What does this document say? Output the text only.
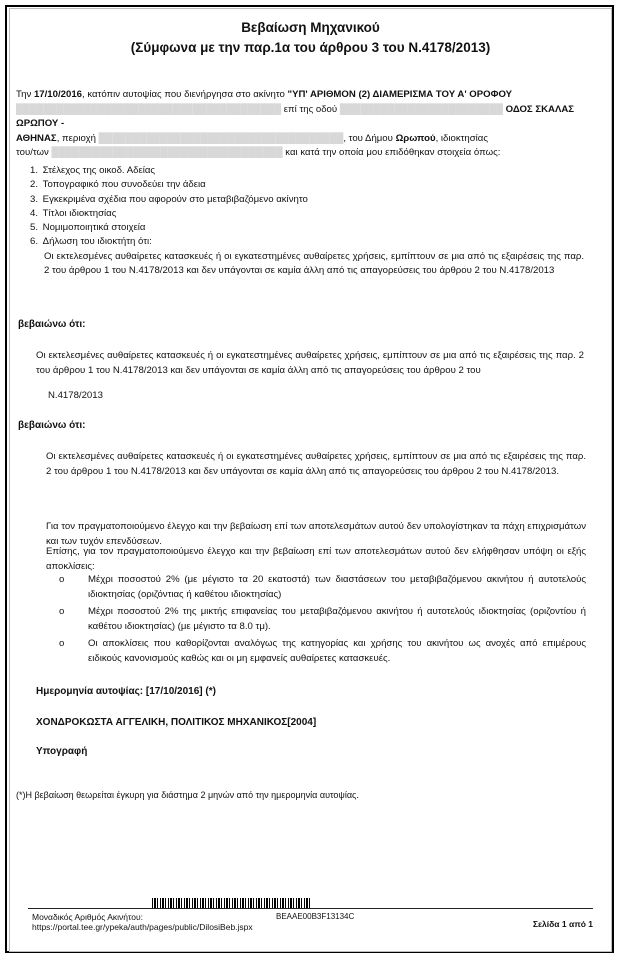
Βεβαίωση Μηχανικού
(Σύμφωνα με την παρ.1α του άρθρου 3 του Ν.4178/2013)
Την 17/10/2016, κατόπιν αυτοψίας που διενήργησα στο ακίνητο "ΥΠ' ΑΡΙΘΜΟΝ (2) ΔΙΑΜΕΡΙΣΜΑ ΤΟΥ Α' ΟΡΟΦΟΥ
███████████████████████████████████████ επί της οδού ████████████████████████ ΟΔΟΣ ΣΚΑΛΑΣ ΩΡΩΠΟΥ -
ΑΘΗΝΑΣ, περιοχή ████████████████████████████████████, του Δήμου Ωρωπού, ιδιοκτησίας
του/των ██████████████████████████████████ και κατά την οποία μου επιδόθηκαν στοιχεία όπως:
1.
Στέλεχος της οικοδ. Αδείας
2.
Τοπογραφικό που συνοδεύει την άδεια
3.
Εγκεκριμένα σχέδια που αφορούν στο μεταβιβαζόμενο ακίνητο
4.
Τίτλοι ιδιοκτησίας
5.
Νομιμοποιητικά στοιχεία
6.
Δήλωση του ιδιοκτήτη ότι:
Οι εκτελεσμένες αυθαίρετες κατασκευές ή οι εγκατεστημένες αυθαίρετες χρήσεις, εμπίπτουν σε μια από τις εξαιρέσεις της παρ. 2 του άρθρου 1 του Ν.4178/2013 και δεν υπάγονται σε καμία άλλη από τις απαγορεύσεις του άρθρου 2 του Ν.4178/2013
βεβαιώνω ότι:
Οι εκτελεσμένες αυθαίρετες κατασκευές ή οι εγκατεστημένες αυθαίρετες χρήσεις, εμπίπτουν σε μια από τις εξαιρέσεις της παρ. 2 του άρθρου 1 του Ν.4178/2013 και δεν υπάγονται σε καμία άλλη από τις απαγορεύσεις του άρθρου 2 του
Ν.4178/2013
βεβαιώνω ότι:
Οι εκτελεσμένες αυθαίρετες κατασκευές ή οι εγκατεστημένες αυθαίρετες χρήσεις, εμπίπτουν σε μια από τις εξαιρέσεις της παρ. 2 του άρθρου 1 του Ν.4178/2013 και δεν υπάγονται σε καμία άλλη από τις απαγορεύσεις του άρθρου 2 του Ν.4178/2013.
Για τον πραγματοποιούμενο έλεγχο και την βεβαίωση επί των αποτελεσμάτων αυτού δεν υπολογίστηκαν τα πάχη επιχρισμάτων και των τυχόν επενδύσεων.
Επίσης, για τον πραγματοποιούμενο έλεγχο και την βεβαίωση επί των αποτελεσμάτων αυτού δεν ελήφθησαν υπόψη οι εξής αποκλίσεις:
o	Μέχρι ποσοστού 2% (με μέγιστο τα 20 εκατοστά) των διαστάσεων του μεταβιβαζόμενου ακινήτου ή αυτοτελούς ιδιοκτησίας (οριζόντιας ή καθέτου ιδιοκτησίας)
o	Μέχρι ποσοστού 2% της μικτής επιφανείας του μεταβιβαζόμενου ακινήτου ή αυτοτελούς ιδιοκτησίας (οριζοντίου ή καθέτου ιδιοκτησίας) (με μέγιστο τα 8.0 τμ).
o	Οι αποκλίσεις που καθορίζονται αναλόγως της κατηγορίας και χρήσης του ακινήτου ως ανοχές από επιμέρους ειδικούς κανονισμούς καθώς και οι μη εμφανείς αυθαίρετες κατασκευές.
Ημερομηνία αυτοψίας: [17/10/2016] (*)
ΧΟΝΔΡΟΚΩΣΤΑ ΑΓΓΕΛΙΚΗ, ΠΟΛΙΤΙΚΟΣ ΜΗΧΑΝΙΚΟΣ[2004]
Υπογραφή
(*)Η βεβαίωση θεωρείται έγκυρη για διάστημα 2 μηνών από την ημερομηνία αυτοψίας.
Μοναδικός Αριθμός Ακινήτου:	ΒΕΑΑΕ00Β3F13134C
https://portal.tee.gr/ypeka/auth/pages/public/DilosiBeb.jspx	Σελίδα 1 από 1
